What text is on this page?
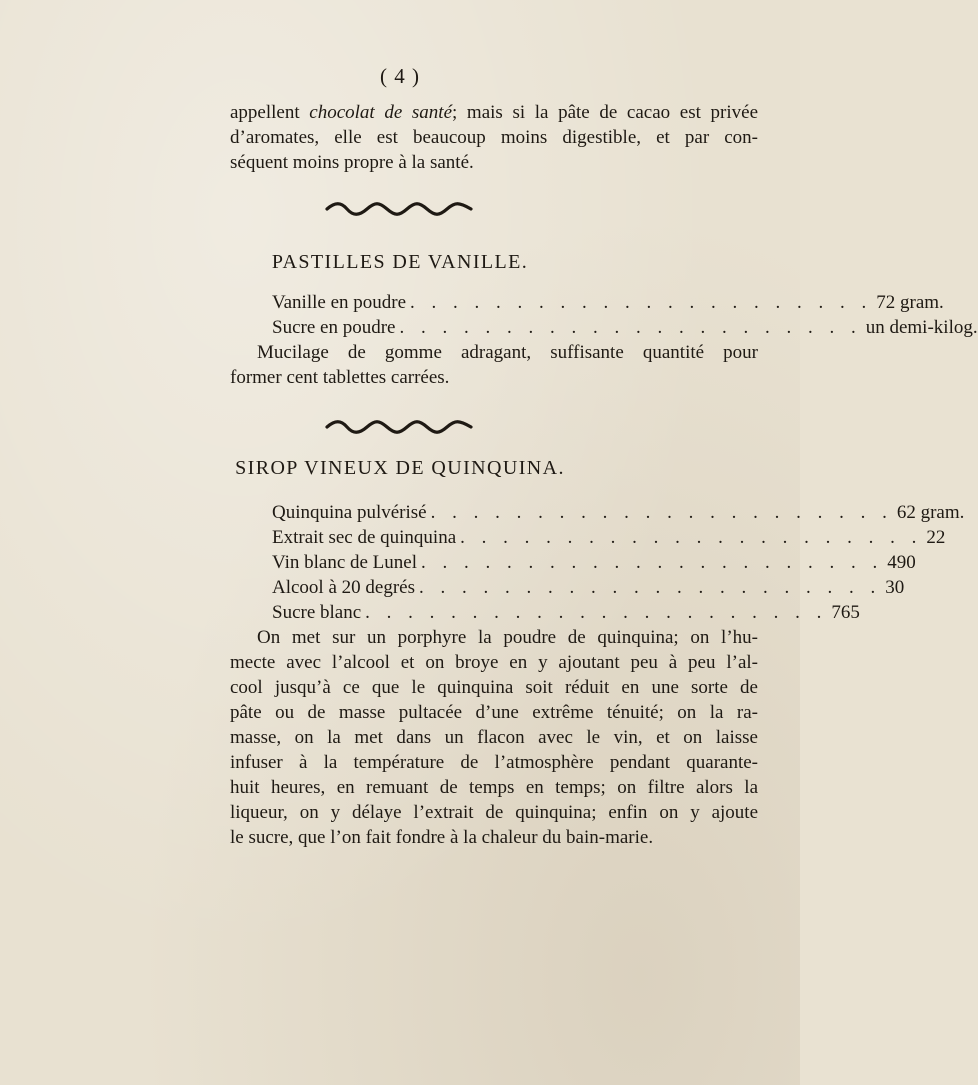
( 4 )

appellent chocolat de santé; mais si la pâte de cacao est privée
d’aromates, elle est beaucoup moins digestible, et par con-
séquent moins propre à la santé.

PASTILLES DE VANILLE.
Vanille en poudre . . . . . . . . . . . . . . . . . . . . . . 72 gram.
Sucre en poudre . . . . . . . . . . . . . . . . . . . . . . un demi-kilog.

Mucilage de gomme adragant, suffisante quantité pour
former cent tablettes carrées.

SIROP VINEUX DE QUINQUINA.
Quinquina pulvérisé . . . . . . . . . . . . . . . . . . . . . . 62 gram.
Extrait sec de quinquina . . . . . . . . . . . . . . . . . . . . . . 22
Vin blanc de Lunel . . . . . . . . . . . . . . . . . . . . . . 490
Alcool à 20 degrés . . . . . . . . . . . . . . . . . . . . . . 30
Sucre blanc . . . . . . . . . . . . . . . . . . . . . . 765

On met sur un porphyre la poudre de quinquina; on l’hu-
mecte avec l’alcool et on broye en y ajoutant peu à peu l’al-
cool jusqu’à ce que le quinquina soit réduit en une sorte de
pâte ou de masse pultacée d’une extrême ténuité; on la ra-
masse, on la met dans un flacon avec le vin, et on laisse
infuser à la température de l’atmosphère pendant quarante-
huit heures, en remuant de temps en temps; on filtre alors la
liqueur, on y délaye l’extrait de quinquina; enfin on y ajoute
le sucre, que l’on fait fondre à la chaleur du bain-marie.
